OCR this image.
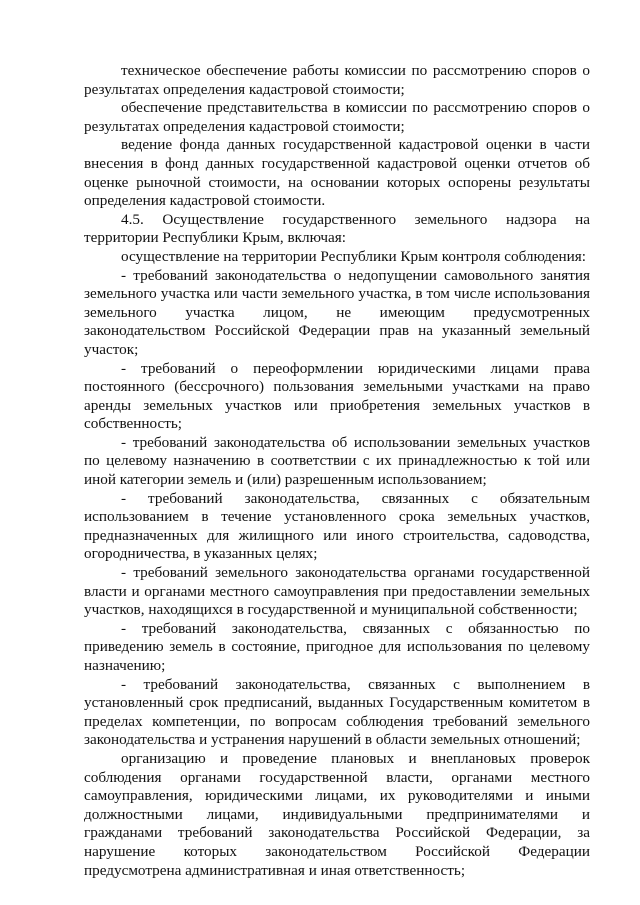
техническое обеспечение работы комиссии по рассмотрению споров о результатах определения кадастровой стоимости;

обеспечение представительства в комиссии по рассмотрению споров о результатах определения кадастровой стоимости;

ведение фонда данных государственной кадастровой оценки в части внесения в фонд данных государственной кадастровой оценки отчетов об оценке рыночной стоимости, на основании которых оспорены результаты определения кадастровой стоимости.

4.5. Осуществление государственного земельного надзора на территории Республики Крым, включая:

осуществление на территории Республики Крым контроля соблюдения:

- требований законодательства о недопущении самовольного занятия земельного участка или части земельного участка, в том числе использования земельного участка лицом, не имеющим предусмотренных законодательством Российской Федерации прав на указанный земельный участок;

- требований о переоформлении юридическими лицами права постоянного (бессрочного) пользования земельными участками на право аренды земельных участков или приобретения земельных участков в собственность;

- требований законодательства об использовании земельных участков по целевому назначению в соответствии с их принадлежностью к той или иной категории земель и (или) разрешенным использованием;

- требований законодательства, связанных с обязательным использованием в течение установленного срока земельных участков, предназначенных для жилищного или иного строительства, садоводства, огородничества, в указанных целях;

- требований земельного законодательства органами государственной власти и органами местного самоуправления при предоставлении земельных участков, находящихся в государственной и муниципальной собственности;

- требований законодательства, связанных с обязанностью по приведению земель в состояние, пригодное для использования по целевому назначению;

- требований законодательства, связанных с выполнением в установленный срок предписаний, выданных Государственным комитетом в пределах компетенции, по вопросам соблюдения требований земельного законодательства и устранения нарушений в области земельных отношений;

организацию и проведение плановых и внеплановых проверок соблюдения органами государственной власти, органами местного самоуправления, юридическими лицами, их руководителями и иными должностными лицами, индивидуальными предпринимателями и гражданами требований законодательства Российской Федерации, за нарушение которых законодательством Российской Федерации предусмотрена административная и иная ответственность;
